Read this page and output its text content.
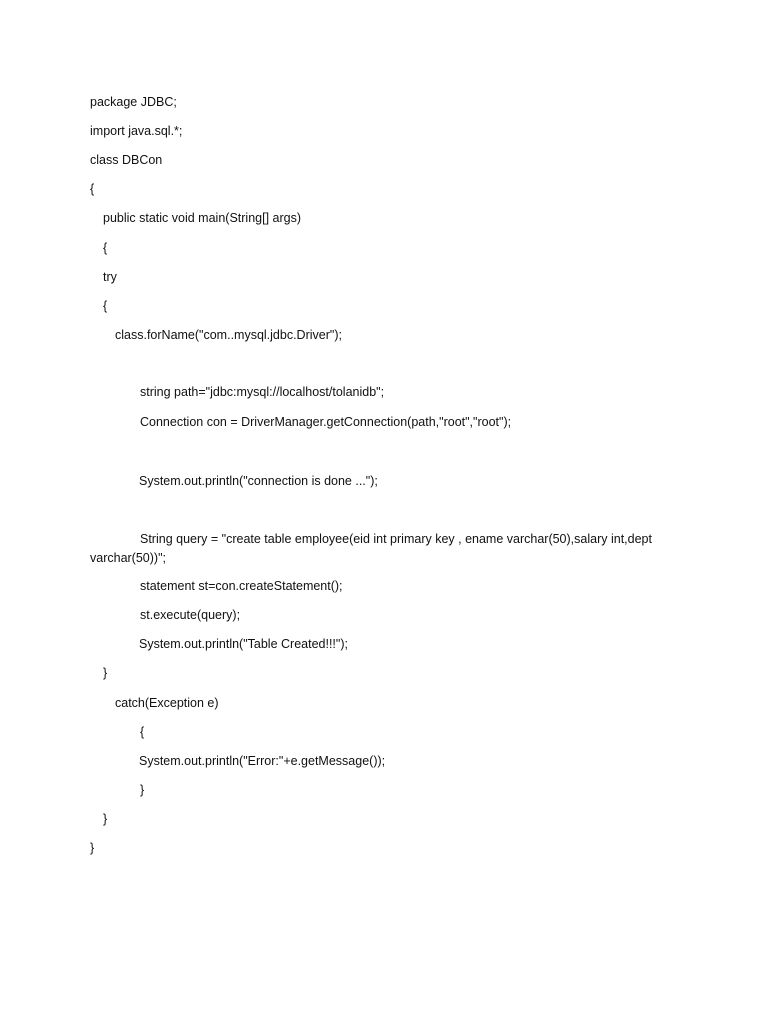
package JDBC;
import java.sql.*;
class DBCon
{
public static void main(String[] args)
{
try
{
class.forName("com..mysql.jdbc.Driver");
string path="jdbc:mysql://localhost/tolanidb";
Connection con = DriverManager.getConnection(path,"root","root");
System.out.println("connection is done ...");
String query = "create table employee(eid int primary key , ename varchar(50),salary int,dept
varchar(50))";
statement st=con.createStatement();
st.execute(query);
System.out.println("Table Created!!!");
}
catch(Exception e)
{
System.out.println("Error:"+e.getMessage());
}
}
}
